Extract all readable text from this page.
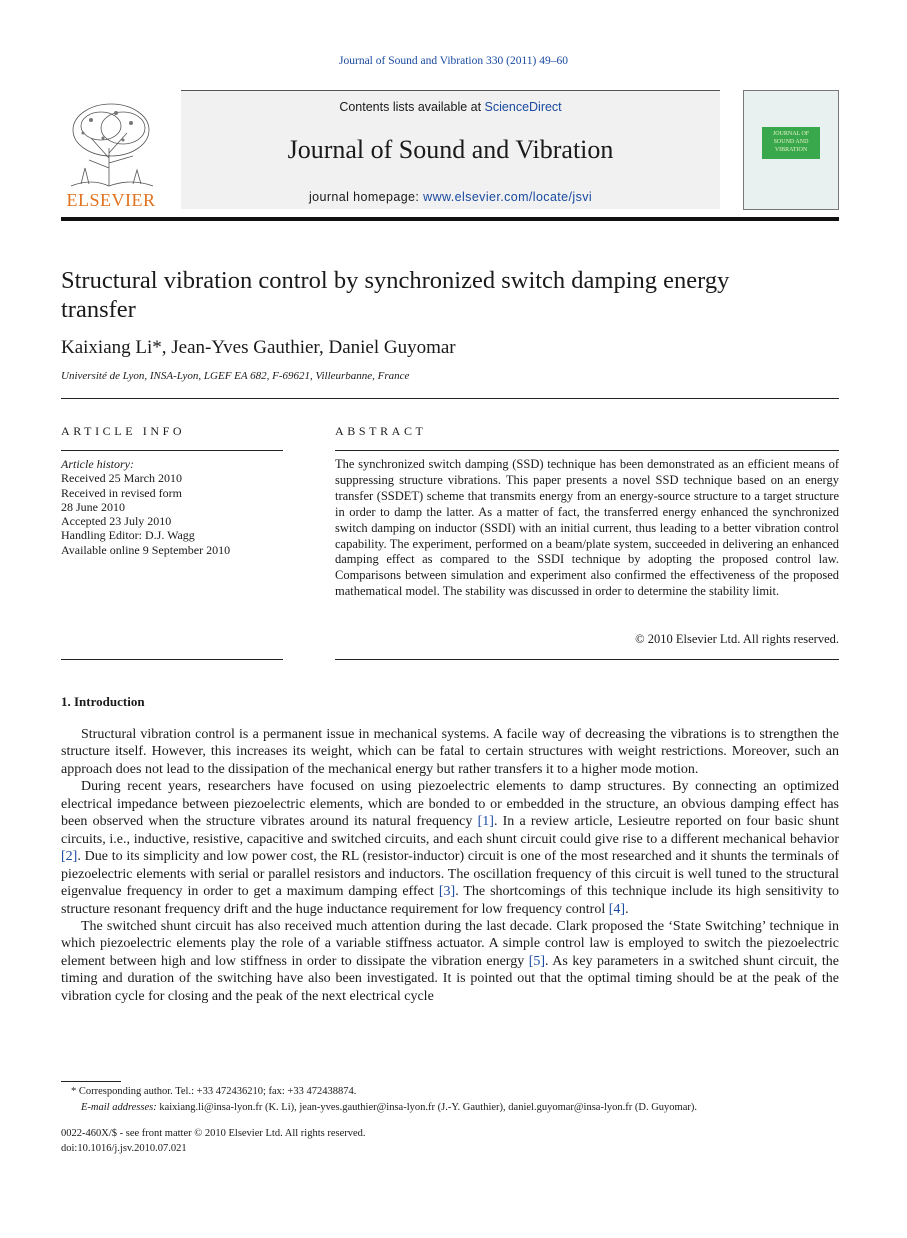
Journal of Sound and Vibration 330 (2011) 49–60
ELSEVIER
Contents lists available at ScienceDirect
Journal of Sound and Vibration
journal homepage: www.elsevier.com/locate/jsvi
JOURNAL OF SOUND AND VIBRATION
Structural vibration control by synchronized switch damping energy transfer
Kaixiang Li*, Jean-Yves Gauthier, Daniel Guyomar
Université de Lyon, INSA-Lyon, LGEF EA 682, F-69621, Villeurbanne, France
ARTICLE INFO
Article history:
Received 25 March 2010
Received in revised form
28 June 2010
Accepted 23 July 2010
Handling Editor: D.J. Wagg
Available online 9 September 2010
ABSTRACT
The synchronized switch damping (SSD) technique has been demonstrated as an efficient means of suppressing structure vibrations. This paper presents a novel SSD technique based on an energy transfer (SSDET) scheme that transmits energy from an energy-source structure to a target structure in order to damp the latter. As a matter of fact, the transferred energy enhanced the synchronized switch damping on inductor (SSDI) with an initial current, thus leading to a better vibration control capability. The experiment, performed on a beam/plate system, succeeded in delivering an enhanced damping effect as compared to the SSDI technique by adopting the proposed control law. Comparisons between simulation and experiment also confirmed the effectiveness of the proposed mathematical model. The stability was discussed in order to determine the stability limit.
© 2010 Elsevier Ltd. All rights reserved.
1. Introduction

Structural vibration control is a permanent issue in mechanical systems. A facile way of decreasing the vibrations is to strengthen the structure itself. However, this increases its weight, which can be fatal to certain structures with weight restrictions. Moreover, such an approach does not lead to the dissipation of the mechanical energy but rather transfers it to a higher mode motion.

During recent years, researchers have focused on using piezoelectric elements to damp structures. By connecting an optimized electrical impedance between piezoelectric elements, which are bonded to or embedded in the structure, an obvious damping effect has been observed when the structure vibrates around its natural frequency [1]. In a review article, Lesieutre reported on four basic shunt circuits, i.e., inductive, resistive, capacitive and switched circuits, and each shunt circuit could give rise to a different mechanical behavior [2]. Due to its simplicity and low power cost, the RL (resistor-inductor) circuit is one of the most researched and it shunts the terminals of piezoelectric elements with serial or parallel resistors and inductors. The oscillation frequency of this circuit is well tuned to the structural eigenvalue frequency in order to get a maximum damping effect [3]. The shortcomings of this technique include its high sensitivity to structure resonant frequency drift and the huge inductance requirement for low frequency control [4].

The switched shunt circuit has also received much attention during the last decade. Clark proposed the ‘State Switching’ technique in which piezoelectric elements play the role of a variable stiffness actuator. A simple control law is employed to switch the piezoelectric element between high and low stiffness in order to dissipate the vibration energy [5]. As key parameters in a switched shunt circuit, the timing and duration of the switching have also been investigated. It is pointed out that the optimal timing should be at the peak of the vibration cycle for closing and the peak of the next electrical cycle

* Corresponding author. Tel.: +33 472436210; fax: +33 472438874.
E-mail addresses: kaixiang.li@insa-lyon.fr (K. Li), jean-yves.gauthier@insa-lyon.fr (J.-Y. Gauthier), daniel.guyomar@insa-lyon.fr (D. Guyomar).
0022-460X/$ - see front matter © 2010 Elsevier Ltd. All rights reserved.
doi:10.1016/j.jsv.2010.07.021
